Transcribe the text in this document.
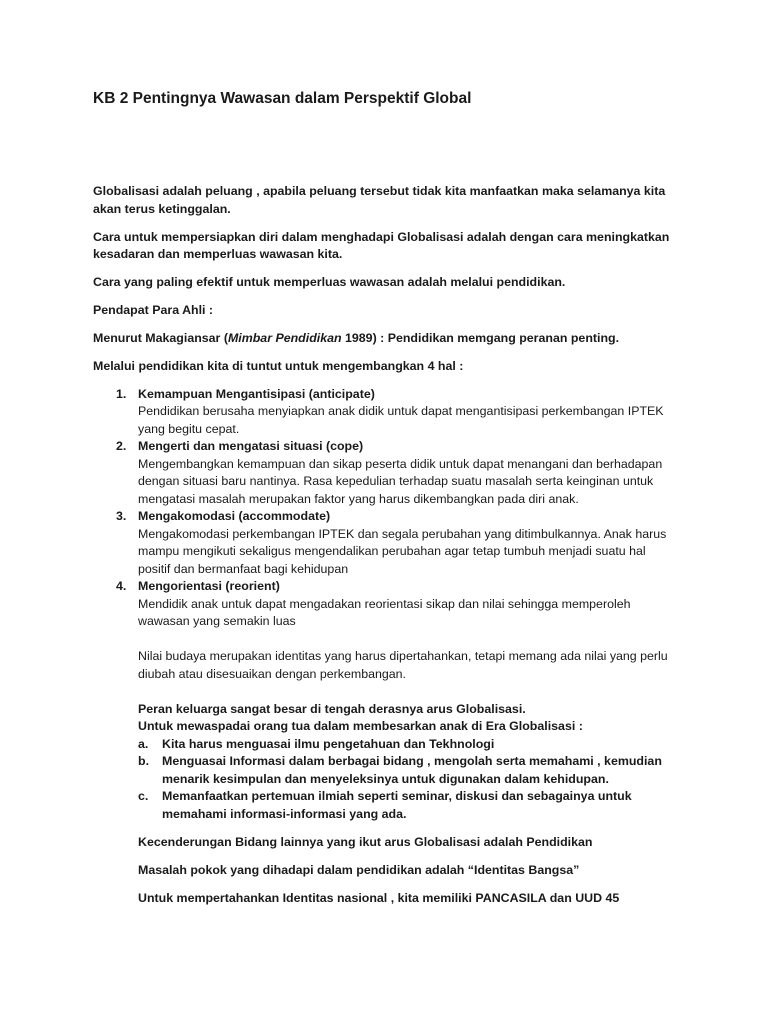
KB 2 Pentingnya Wawasan dalam Perspektif Global

Globalisasi adalah peluang , apabila peluang tersebut tidak kita manfaatkan maka selamanya kita akan terus ketinggalan.

Cara untuk mempersiapkan diri dalam menghadapi Globalisasi adalah dengan cara meningkatkan kesadaran dan memperluas wawasan kita.

Cara yang paling efektif untuk memperluas wawasan adalah melalui pendidikan.

Pendapat Para Ahli :

Menurut Makagiansar (Mimbar Pendidikan 1989) : Pendidikan memgang peranan penting.

Melalui pendidikan kita di tuntut untuk mengembangkan 4 hal :

1. Kemampuan Mengantisipasi (anticipate)
Pendidikan berusaha menyiapkan anak didik untuk dapat mengantisipasi perkembangan IPTEK yang begitu cepat.
2. Mengerti dan mengatasi situasi (cope)
Mengembangkan kemampuan dan sikap peserta didik untuk dapat menangani dan berhadapan dengan situasi baru nantinya. Rasa kepedulian terhadap suatu masalah serta keinginan untuk mengatasi masalah merupakan faktor yang harus dikembangkan pada diri anak.
3. Mengakomodasi (accommodate)
Mengakomodasi perkembangan IPTEK dan segala perubahan yang ditimbulkannya. Anak harus mampu mengikuti sekaligus mengendalikan perubahan agar tetap tumbuh menjadi suatu hal positif dan bermanfaat bagi kehidupan
4. Mengorientasi (reorient)
Mendidik anak untuk dapat mengadakan reorientasi sikap dan nilai sehingga memperoleh wawasan yang semakin luas
Nilai budaya merupakan identitas yang harus dipertahankan, tetapi memang ada nilai yang perlu diubah atau disesuaikan dengan perkembangan.
Peran keluarga sangat besar di tengah derasnya arus Globalisasi.
Untuk mewaspadai orang tua dalam membesarkan anak di Era Globalisasi :
a. Kita harus menguasai ilmu pengetahuan dan Tekhnologi
b. Menguasai Informasi dalam berbagai bidang , mengolah serta memahami , kemudian menarik kesimpulan dan menyeleksinya untuk digunakan dalam kehidupan.
c. Memanfaatkan pertemuan ilmiah seperti seminar, diskusi dan sebagainya untuk memahami informasi-informasi yang ada.
Kecenderungan Bidang lainnya yang ikut arus Globalisasi adalah Pendidikan
Masalah pokok yang dihadapi dalam pendidikan adalah “Identitas Bangsa”
Untuk mempertahankan Identitas nasional , kita memiliki PANCASILA dan UUD 45
